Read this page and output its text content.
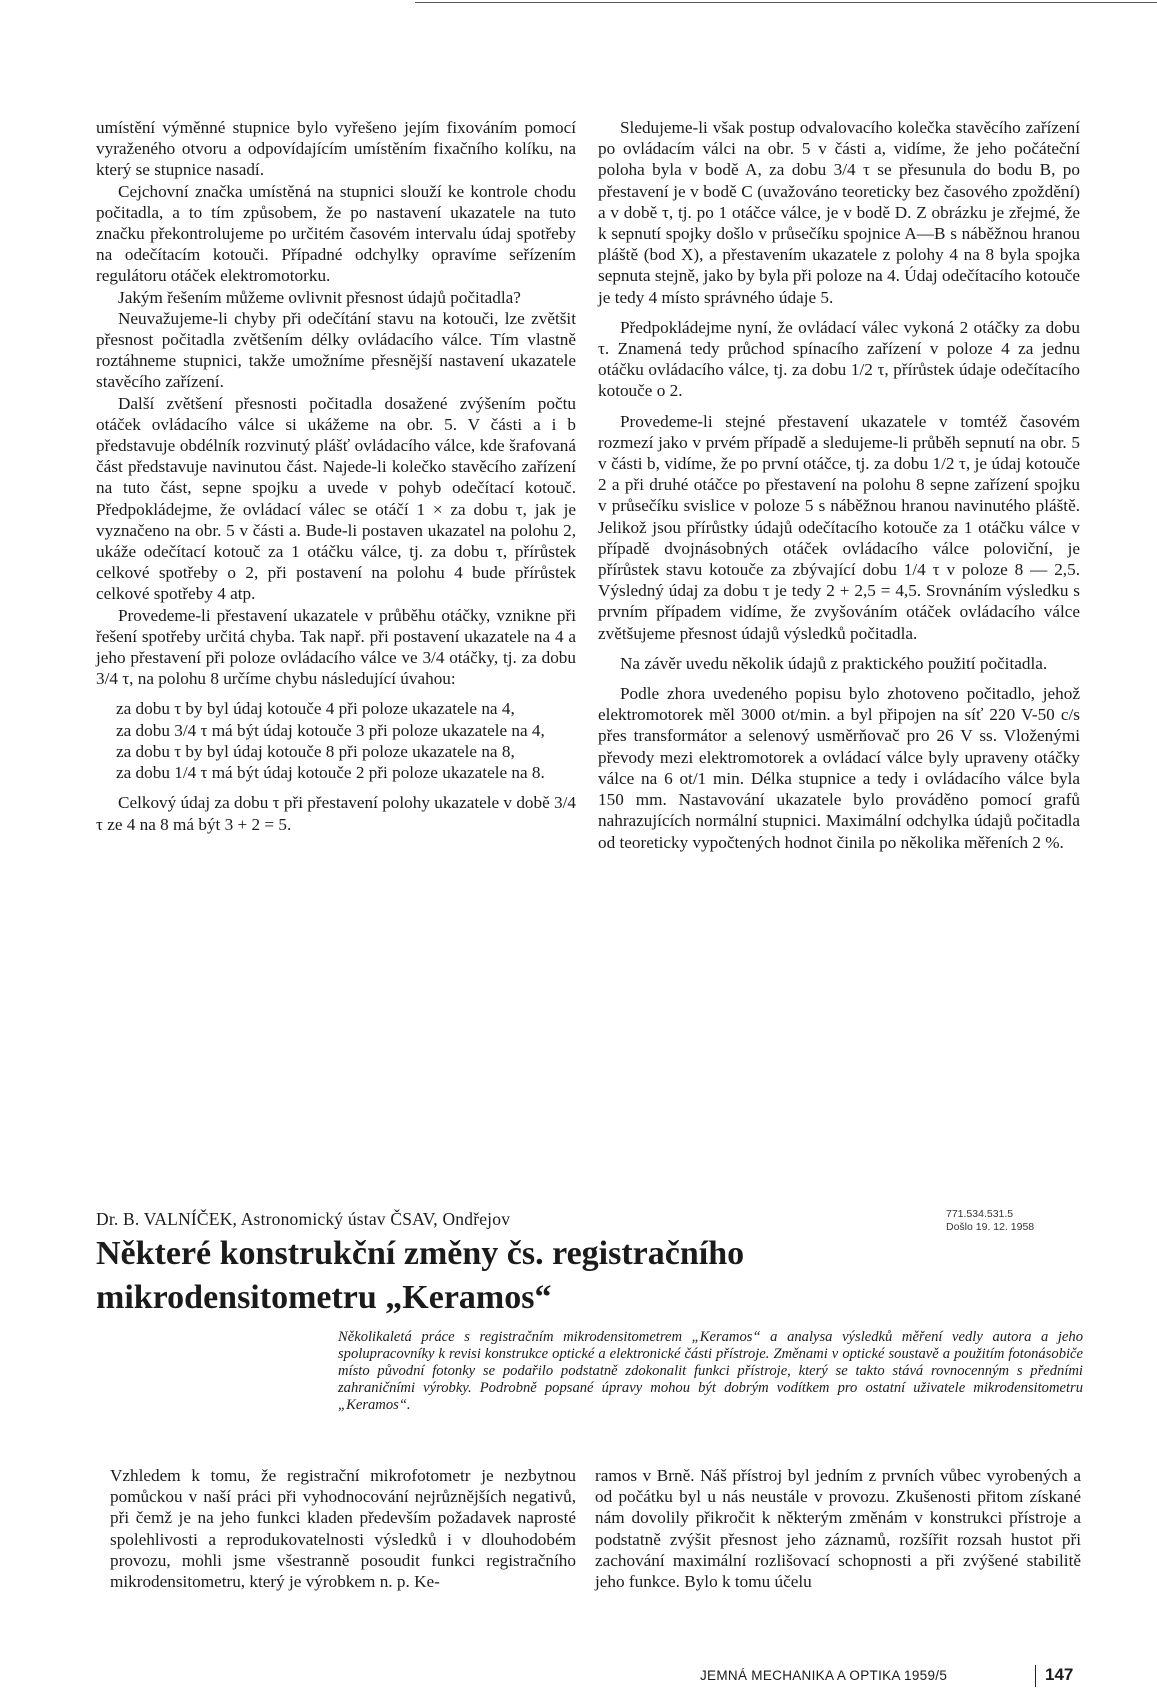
umístění výměnné stupnice bylo vyřešeno jejím fixováním pomocí vyraženého otvoru a odpovídajícím umístěním fixačního kolíku, na který se stupnice nasadí.

Cejchovní značka umístěná na stupnici slouží ke kontrole chodu počitadla, a to tím způsobem, že po nastavení ukazatele na tuto značku překontrolujeme po určitém časovém intervalu údaj spotřeby na odečítacím kotouči. Případné odchylky opravíme seřízením regulátoru otáček elektromotorku.

Jakým řešením můžeme ovlivnit přesnost údajů počitadla?

Neuvažujeme-li chyby při odečítání stavu na kotouči, lze zvětšit přesnost počitadla zvětšením délky ovládacího válce. Tím vlastně roztáhneme stupnici, takže umožníme přesnější nastavení ukazatele stavěcího zařízení.

Další zvětšení přesnosti počitadla dosažené zvýšením počtu otáček ovládacího válce si ukážeme na obr. 5. V části a i b představuje obdélník rozvinutý plášť ovládacího válce, kde šrafovaná část představuje navinutou část. Najede-li kolečko stavěcího zařízení na tuto část, sepne spojku a uvede v pohyb odečítací kotouč. Předpokládejme, že ovládací válec se otáčí 1 × za dobu τ, jak je vyznačeno na obr. 5 v části a. Bude-li postaven ukazatel na polohu 2, ukáže odečítací kotouč za 1 otáčku válce, tj. za dobu τ, přírůstek celkové spotřeby o 2, při postavení na polohu 4 bude přírůstek celkové spotřeby 4 atp.

Provedeme-li přestavení ukazatele v průběhu otáčky, vznikne při řešení spotřeby určitá chyba. Tak např. při postavení ukazatele na 4 a jeho přestavení při poloze ovládacího válce ve 3/4 otáčky, tj. za dobu 3/4 τ, na polohu 8 určíme chybu následující úvahou:

za dobu τ by byl údaj kotouče 4 při poloze ukazatele na 4,

za dobu 3/4 τ má být údaj kotouče 3 při poloze ukazatele na 4,

za dobu τ by byl údaj kotouče 8 při poloze ukazatele na 8,

za dobu 1/4 τ má být údaj kotouče 2 při poloze ukazatele na 8.

Celkový údaj za dobu τ při přestavení polohy ukazatele v době 3/4 τ ze 4 na 8 má být 3 + 2 = 5.

Sledujeme-li však postup odvalovacího kolečka stavěcího zařízení po ovládacím válci na obr. 5 v části a, vidíme, že jeho počáteční poloha byla v bodě A, za dobu 3/4 τ se přesunula do bodu B, po přestavení je v bodě C (uvažováno teoreticky bez časového zpoždění) a v době τ, tj. po 1 otáčce válce, je v bodě D. Z obrázku je zřejmé, že k sepnutí spojky došlo v průsečíku spojnice A—B s náběžnou hranou pláště (bod X), a přestavením ukazatele z polohy 4 na 8 byla spojka sepnuta stejně, jako by byla při poloze na 4. Údaj odečítacího kotouče je tedy 4 místo správného údaje 5.

Předpokládejme nyní, že ovládací válec vykoná 2 otáčky za dobu τ. Znamená tedy průchod spínacího zařízení v poloze 4 za jednu otáčku ovládacího válce, tj. za dobu 1/2 τ, přírůstek údaje odečítacího kotouče o 2.

Provedeme-li stejné přestavení ukazatele v tomtéž časovém rozmezí jako v prvém případě a sledujeme-li průběh sepnutí na obr. 5 v části b, vidíme, že po první otáčce, tj. za dobu 1/2 τ, je údaj kotouče 2 a při druhé otáčce po přestavení na polohu 8 sepne zařízení spojku v průsečíku svislice v poloze 5 s náběžnou hranou navinutého pláště. Jelikož jsou přírůstky údajů odečítacího kotouče za 1 otáčku válce v případě dvojnásobných otáček ovládacího válce poloviční, je přírůstek stavu kotouče za zbývající dobu 1/4 τ v poloze 8 — 2,5. Výsledný údaj za dobu τ je tedy 2 + 2,5 = 4,5. Srovnáním výsledku s prvním případem vidíme, že zvyšováním otáček ovládacího válce zvětšujeme přesnost údajů výsledků počitadla.

Na závěr uvedu několik údajů z praktického použití počitadla.

Podle zhora uvedeného popisu bylo zhotoveno počitadlo, jehož elektromotorek měl 3000 ot/min. a byl připojen na síť 220 V-50 c/s přes transformátor a selenový usměrňovač pro 26 V ss. Vloženými převody mezi elektromotorek a ovládací válce byly upraveny otáčky válce na 6 ot/1 min. Délka stupnice a tedy i ovládacího válce byla 150 mm. Nastavování ukazatele bylo prováděno pomocí grafů nahrazujících normální stupnici. Maximální odchylka údajů počitadla od teoreticky vypočtených hodnot činila po několika měřeních 2 %.

Dr. B. VALNÍČEK, Astronomický ústav ČSAV, Ondřejov	771.534.531.5
Došlo 19. 12. 1958
Některé konstrukční změny čs. registračního
mikrodensitometru „Keramos“
Několikaletá práce s registračním mikrodensitometrem „Keramos“ a analysa výsledků měření vedly autora a jeho spolupracovníky k revisi konstrukce optické a elektronické části přístroje. Změnami v optické soustavě a použitím fotonásobiče místo původní fotonky se podařilo podstatně zdokonalit funkci přístroje, který se takto stává rovnocenným s předními zahraničními výrobky. Podrobně popsané úpravy mohou být dobrým vodítkem pro ostatní uživatele mikrodensitometru „Keramos“.

Vzhledem k tomu, že registrační mikrofotometr je nezbytnou pomůckou v naší práci při vyhodnocování nejrůznějších negativů, při čemž je na jeho funkci kladen především požadavek naprosté spolehlivosti a reprodukovatelnosti výsledků i v dlouhodobém provozu, mohli jsme všestranně posoudit funkci registračního mikrodensitometru, který je výrobkem n. p. Ke-

ramos v Brně. Náš přístroj byl jedním z prvních vůbec vyrobených a od počátku byl u nás neustále v provozu. Zkušenosti přitom získané nám dovolily přikročit k některým změnám v konstrukci přístroje a podstatně zvýšit přesnost jeho záznamů, rozšířit rozsah hustot při zachování maximální rozlišovací schopnosti a při zvýšené stabilitě jeho funkce. Bylo k tomu účelu

JEMNÁ MECHANIKA A OPTIKA 1959/5	147
